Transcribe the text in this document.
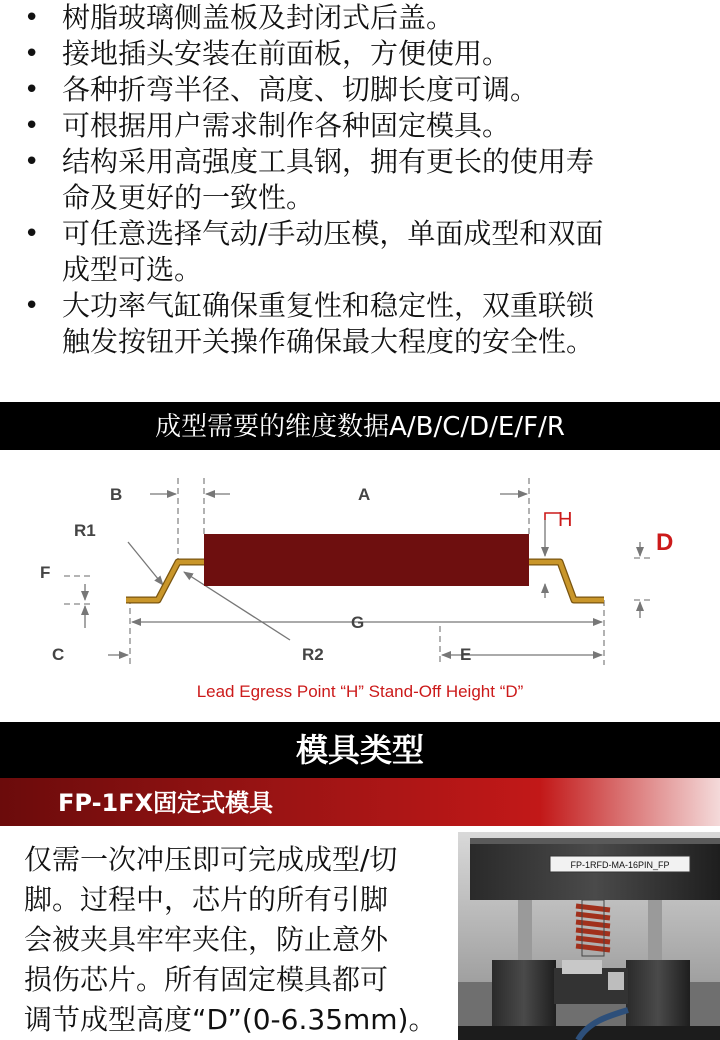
• 树脂玻璃侧盖板及封闭式后盖。
• 接地插头安装在前面板，方便使用。
• 各种折弯半径、高度、切脚长度可调。
• 可根据用户需求制作各种固定模具。
• 结构采用高强度工具钢，拥有更长的使用寿
命及更好的一致性。
• 可任意选择气动/手动压模，单面成型和双面
成型可选。
• 大功率气缸确保重复性和稳定性，双重联锁
触发按钮开关操作确保最大程度的安全性。
成型需要的维度数据A/B/C/D/E/F/R
B	A
R1
F
G
C	R2	E
H
D
Lead Egress Point “H” Stand-Off Height “D”
模具类型
FP-1FX固定式模具
仅需一次冲压即可完成成型/切
脚。过程中，芯片的所有引脚
会被夹具牢牢夹住，防止意外
损伤芯片。所有固定模具都可
调节成型高度“D”(0-6.35mm)。
FP-1RFD-MA-16PIN_FP
